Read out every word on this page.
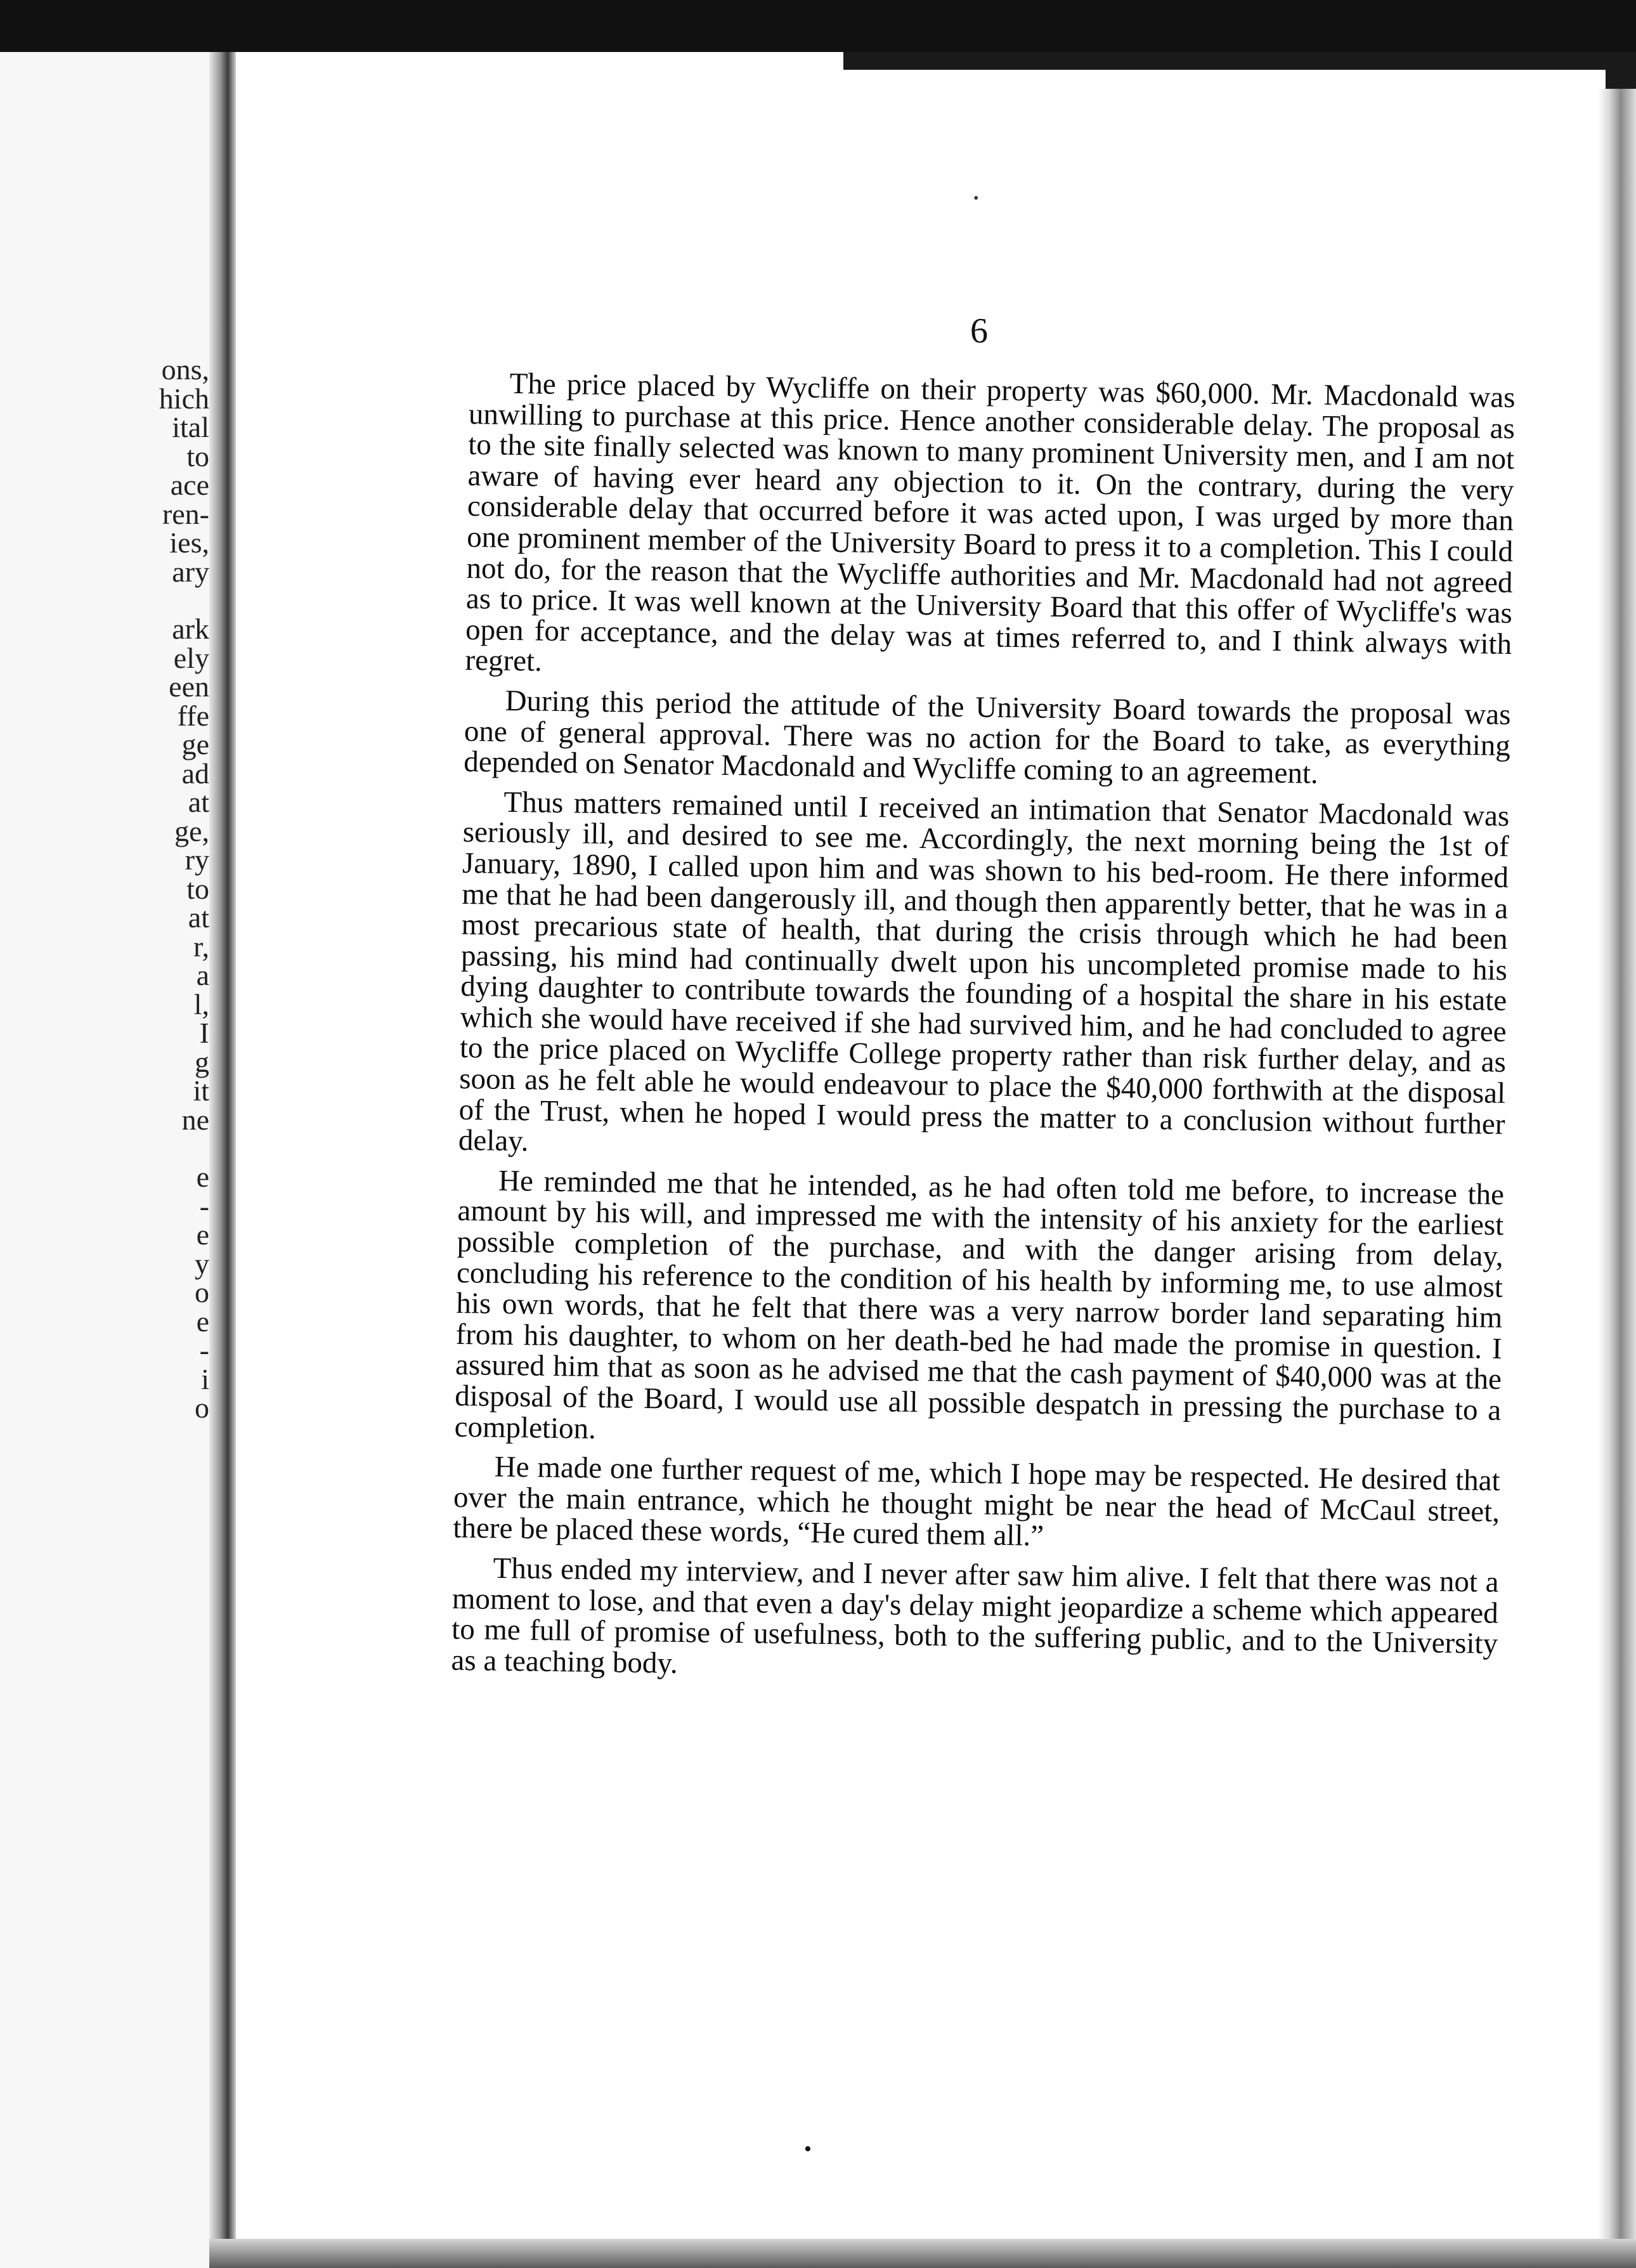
ons,
hich
ital
to
ace
ren-
ies,
ary
ark
ely
een
ffe
ge
ad
at
ge,
ry
to
at
r,
a
l,
I
g
it
ne
e
-
e
y
o
e
-
i
o
•
6

The price placed by Wycliffe on their property was $60,000. Mr. Macdonald was unwilling to purchase at this price. Hence another considerable delay. The proposal as to the site finally selected was known to many prominent University men, and I am not aware of having ever heard any objection to it. On the contrary, during the very considerable delay that occurred before it was acted upon, I was urged by more than one prominent member of the University Board to press it to a completion. This I could not do, for the reason that the Wycliffe authorities and Mr. Macdonald had not agreed as to price. It was well known at the University Board that this offer of Wycliffe's was open for acceptance, and the delay was at times referred to, and I think always with regret.

During this period the attitude of the University Board towards the proposal was one of general approval. There was no action for the Board to take, as everything depended on Senator Macdonald and Wycliffe coming to an agreement.

Thus matters remained until I received an intimation that Senator Macdonald was seriously ill, and desired to see me. Accordingly, the next morning being the 1st of January, 1890, I called upon him and was shown to his bed-room. He there informed me that he had been dangerously ill, and though then apparently better, that he was in a most precarious state of health, that during the crisis through which he had been passing, his mind had continually dwelt upon his uncompleted promise made to his dying daughter to contribute towards the founding of a hospital the share in his estate which she would have received if she had survived him, and he had concluded to agree to the price placed on Wycliffe College property rather than risk further delay, and as soon as he felt able he would endeavour to place the $40,000 forthwith at the disposal of the Trust, when he hoped I would press the matter to a conclusion without further delay.

He reminded me that he intended, as he had often told me before, to increase the amount by his will, and impressed me with the intensity of his anxiety for the earliest possible completion of the purchase, and with the danger arising from delay, concluding his reference to the condition of his health by informing me, to use almost his own words, that he felt that there was a very narrow border land separating him from his daughter, to whom on her death-bed he had made the promise in question. I assured him that as soon as he advised me that the cash payment of $40,000 was at the disposal of the Board, I would use all possible despatch in pressing the purchase to a completion.

He made one further request of me, which I hope may be respected. He desired that over the main entrance, which he thought might be near the head of McCaul street, there be placed these words, “He cured them all.”

Thus ended my interview, and I never after saw him alive. I felt that there was not a moment to lose, and that even a day's delay might jeopardize a scheme which appeared to me full of promise of usefulness, both to the suffering public, and to the University as a teaching body.

•
